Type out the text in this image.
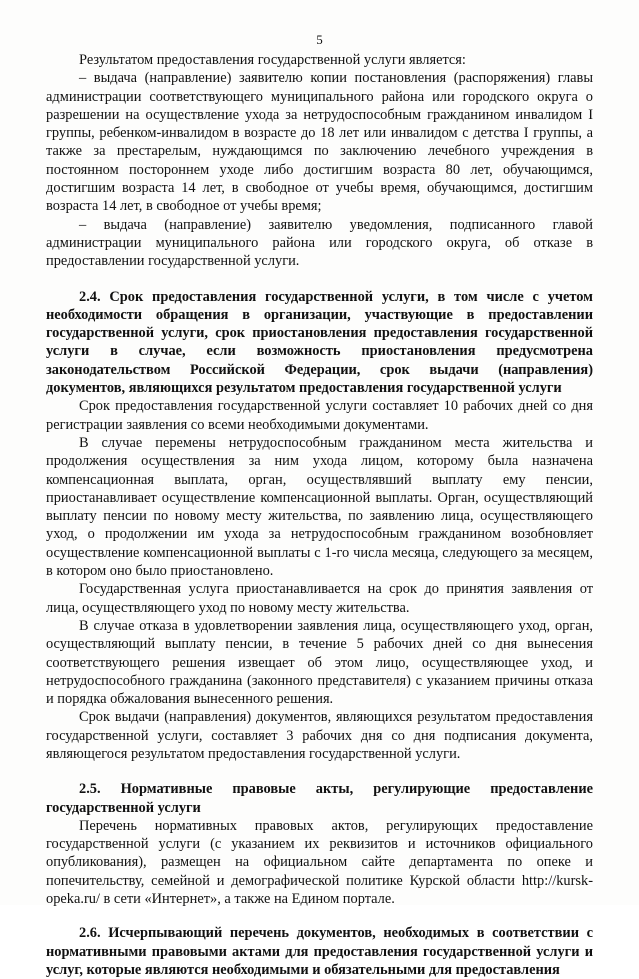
5

Результатом предоставления государственной услуги является:

– выдача (направление) заявителю копии постановления (распоряжения) главы администрации соответствующего муниципального района или городского округа о разрешении на осуществление ухода за нетрудоспособным гражданином инвалидом I группы, ребенком-инвалидом в возрасте до 18 лет или инвалидом с детства I группы, а также за престарелым, нуждающимся по заключению лечебного учреждения в постоянном постороннем уходе либо достигшим возраста 80 лет, обучающимся, достигшим возраста 14 лет, в свободное от учебы время, обучающимся, достигшим возраста 14 лет, в свободное от учебы время;

– выдача (направление) заявителю уведомления, подписанного главой администрации муниципального района или городского округа, об отказе в предоставлении государственной услуги.

2.4. Срок предоставления государственной услуги, в том числе с учетом необходимости обращения в организации, участвующие в предоставлении государственной услуги, срок приостановления предоставления государственной услуги в случае, если возможность приостановления предусмотрена законодательством Российской Федерации, срок выдачи (направления) документов, являющихся результатом предоставления государственной услуги

Срок предоставления государственной услуги составляет 10 рабочих дней со дня регистрации заявления со всеми необходимыми документами.

В случае перемены нетрудоспособным гражданином места жительства и продолжения осуществления за ним ухода лицом, которому была назначена компенсационная выплата, орган, осуществлявший выплату ему пенсии, приостанавливает осуществление компенсационной выплаты. Орган, осуществляющий выплату пенсии по новому месту жительства, по заявлению лица, осуществляющего уход, о продолжении им ухода за нетрудоспособным гражданином возобновляет осуществление компенсационной выплаты с 1-го числа месяца, следующего за месяцем, в котором оно было приостановлено.

Государственная услуга приостанавливается на срок до принятия заявления от лица, осуществляющего уход по новому месту жительства.

В случае отказа в удовлетворении заявления лица, осуществляющего уход, орган, осуществляющий выплату пенсии, в течение 5 рабочих дней со дня вынесения соответствующего решения извещает об этом лицо, осуществляющее уход, и нетрудоспособного гражданина (законного представителя) с указанием причины отказа и порядка обжалования вынесенного решения.

Срок выдачи (направления) документов, являющихся результатом предоставления государственной услуги, составляет 3 рабочих дня со дня подписания документа, являющегося результатом предоставления государственной услуги.

2.5. Нормативные правовые акты, регулирующие предоставление

государственной услуги

Перечень нормативных правовых актов, регулирующих предоставление государственной услуги (с указанием их реквизитов и источников официального опубликования), размещен на официальном сайте департамента по опеке и попечительству, семейной и демографической политике Курской области http://kursk-opeka.ru/ в сети «Интернет», а также на Едином портале.

2.6. Исчерпывающий перечень документов, необходимых в соответствии с нормативными правовыми актами для предоставления государственной услуги и услуг, которые являются необходимыми и обязательными для предоставления
